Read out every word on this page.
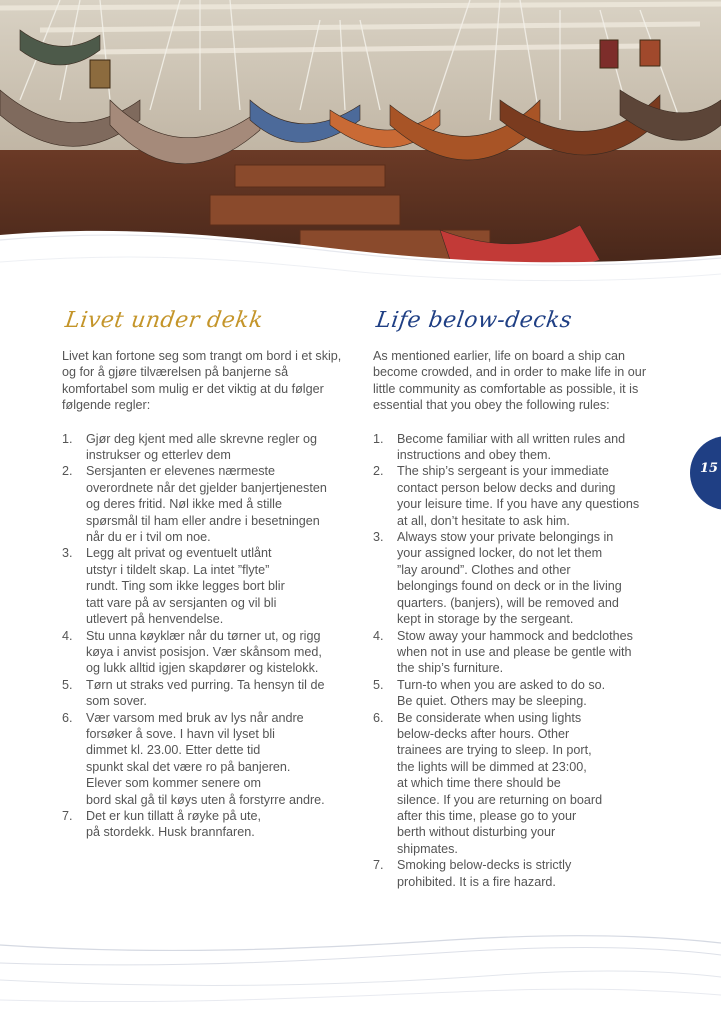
15
Livet under dekk
Livet kan fortone seg som trangt om bord i et skip, og for å gjøre tilværelsen på banjerne så komfortabel som mulig er det viktig at du følger følgende regler:
1. Gjør deg kjent med alle skrevne regler og
instrukser og etterlev dem
2. Sersjanten er elevenes nærmeste
overordnete når det gjelder banjertjenesten
og deres fritid. Nøl ikke med å stille
spørsmål til ham eller andre i besetningen
når du er i tvil om noe.
3. Legg alt privat og eventuelt utlånt
utstyr i tildelt skap. La intet ”flyte”
rundt. Ting som ikke legges bort blir
tatt vare på av sersjanten og vil bli
utlevert på henvendelse.
4. Stu unna køyklær når du tørner ut, og rigg
køya i anvist posisjon. Vær skånsom med,
og lukk alltid igjen skapdører og kistelokk.
5. Tørn ut straks ved purring. Ta hensyn til de
som sover.
6. Vær varsom med bruk av lys når andre
forsøker å sove. I havn vil lyset bli
dimmet kl. 23.00. Etter dette tid
spunkt skal det være ro på banjeren.
Elever som kommer senere om
bord skal gå til køys uten å forstyrre andre.
7. Det er kun tillatt å røyke på ute,
på stordekk. Husk brannfaren.
Life below-decks
As mentioned earlier, life on board a ship can become crowded, and in order to make life in our little community as comfortable as possible, it is essential that you obey the following rules:
1. Become familiar with all written rules and
instructions and obey them.
2. The ship’s sergeant is your immediate
contact person below decks and during
your leisure time. If you have any questions
at all, don’t hesitate to ask him.
3. Always stow your private belongings in
your assigned locker, do not let them
”lay around”. Clothes and other
belongings found on deck or in the living
quarters. (banjers), will be removed and
kept in storage by the sergeant.
4. Stow away your hammock and bedclothes
when not in use and please be gentle with
the ship’s furniture.
5. Turn-to when you are asked to do so.
Be quiet. Others may be sleeping.
6. Be considerate when using lights
below-decks after hours. Other
trainees are trying to sleep. In port,
the lights will be dimmed at 23:00,
at which time there should be
silence. If you are returning on board
after this time, please go to your
berth without disturbing your
shipmates.
7. Smoking below-decks is strictly
prohibited. It is a fire hazard.
